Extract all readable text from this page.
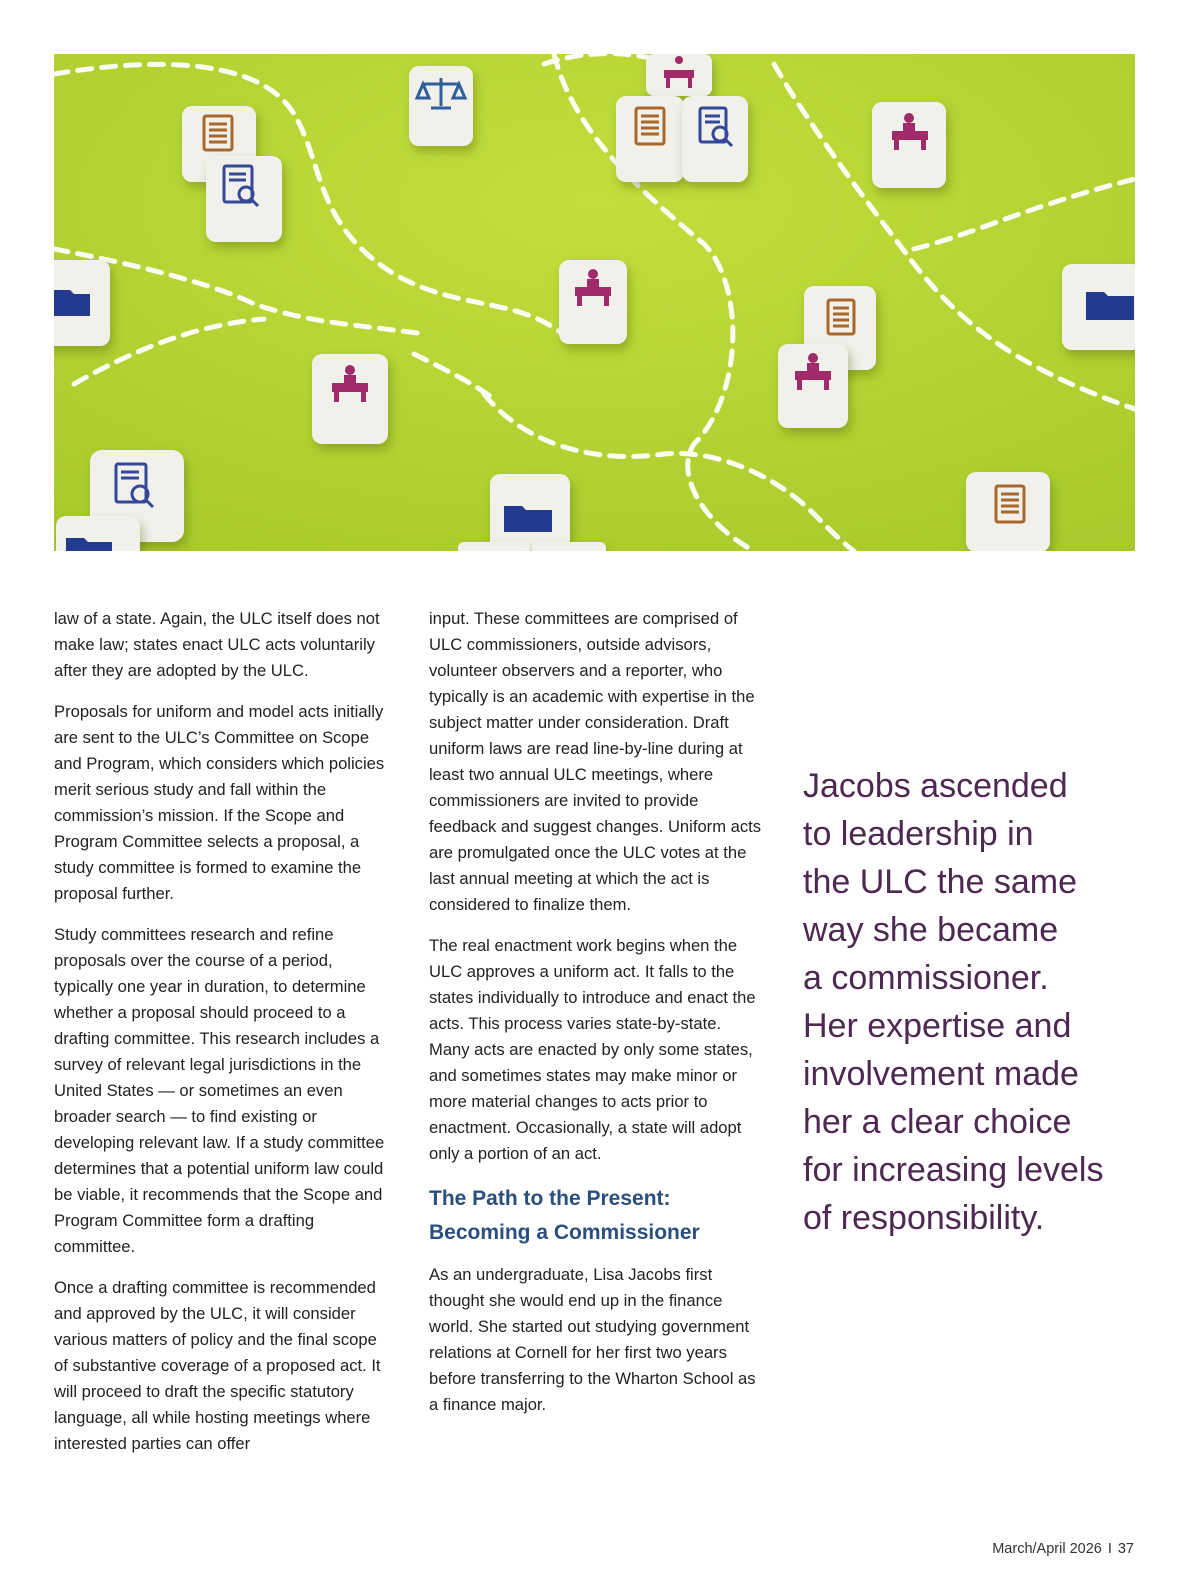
law of a state. Again, the ULC itself does not make law; states enact ULC acts voluntarily after they are adopted by the ULC.

Proposals for uniform and model acts initially are sent to the ULC’s Committee on Scope and Program, which considers which policies merit serious study and fall within the commission’s mission. If the Scope and Program Committee selects a proposal, a study committee is formed to examine the proposal further.

Study committees research and refine proposals over the course of a period, typically one year in duration, to determine whether a proposal should proceed to a drafting committee. This research includes a survey of relevant legal jurisdictions in the United States — or sometimes an even broader search — to find existing or developing relevant law. If a study committee determines that a potential uniform law could be viable, it recommends that the Scope and Program Committee form a drafting committee.

Once a drafting committee is recommended and approved by the ULC, it will consider various matters of policy and the final scope of substantive coverage of a proposed act. It will proceed to draft the specific statutory language, all while hosting meetings where interested parties can offer

input. These committees are comprised of ULC commissioners, outside advisors, volunteer observers and a reporter, who typically is an academic with expertise in the subject matter under consideration. Draft uniform laws are read line-by-line during at least two annual ULC meetings, where commissioners are invited to provide feedback and suggest changes. Uniform acts are promulgated once the ULC votes at the last annual meeting at which the act is considered to finalize them.

The real enactment work begins when the ULC approves a uniform act. It falls to the states individually to introduce and enact the acts. This process varies state-by-state. Many acts are enacted by only some states, and sometimes states may make minor or more material changes to acts prior to enactment. Occasionally, a state will adopt only a portion of an act.

The Path to the Present:
Becoming a Commissioner

As an undergraduate, Lisa Jacobs first thought she would end up in the finance world. She started out studying government relations at Cornell for her first two years before transferring to the Wharton School as a finance major.

Jacobs ascended
to leadership in
the ULC the same
way she became
a commissioner.
Her expertise and
involvement made
her a clear choice
for increasing levels
of responsibility.
March/April 2026 I 37
